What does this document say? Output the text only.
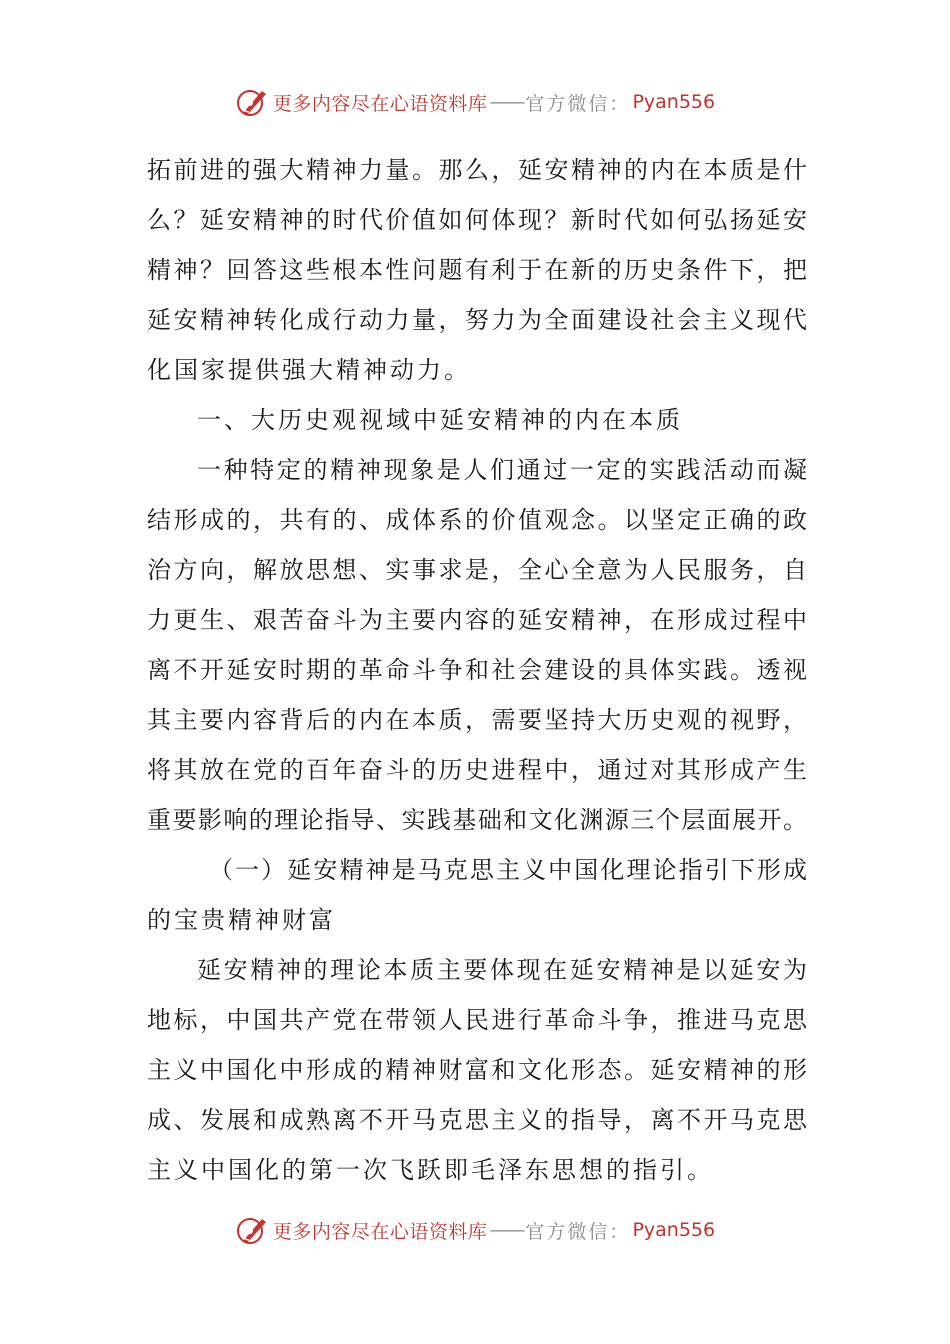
更多内容尽在心语资料库 —— 官方微信： Pyan556
拓前进的强大精神力量。那么，延安精神的内在本质是什
么？延安精神的时代价值如何体现？新时代如何弘扬延安
精神？回答这些根本性问题有利于在新的历史条件下，把
延安精神转化成行动力量，努力为全面建设社会主义现代
化国家提供强大精神动力。
一、大历史观视域中延安精神的内在本质
一种特定的精神现象是人们通过一定的实践活动而凝
结形成的，共有的、成体系的价值观念。以坚定正确的政
治方向，解放思想、实事求是，全心全意为人民服务，自
力更生、艰苦奋斗为主要内容的延安精神，在形成过程中
离不开延安时期的革命斗争和社会建设的具体实践。透视
其主要内容背后的内在本质，需要坚持大历史观的视野，
将其放在党的百年奋斗的历史进程中，通过对其形成产生
重要影响的理论指导、实践基础和文化渊源三个层面展开。
（一）延安精神是马克思主义中国化理论指引下形成
的宝贵精神财富
延安精神的理论本质主要体现在延安精神是以延安为
地标，中国共产党在带领人民进行革命斗争，推进马克思
主义中国化中形成的精神财富和文化形态。延安精神的形
成、发展和成熟离不开马克思主义的指导，离不开马克思
主义中国化的第一次飞跃即毛泽东思想的指引。
更多内容尽在心语资料库 —— 官方微信： Pyan556
